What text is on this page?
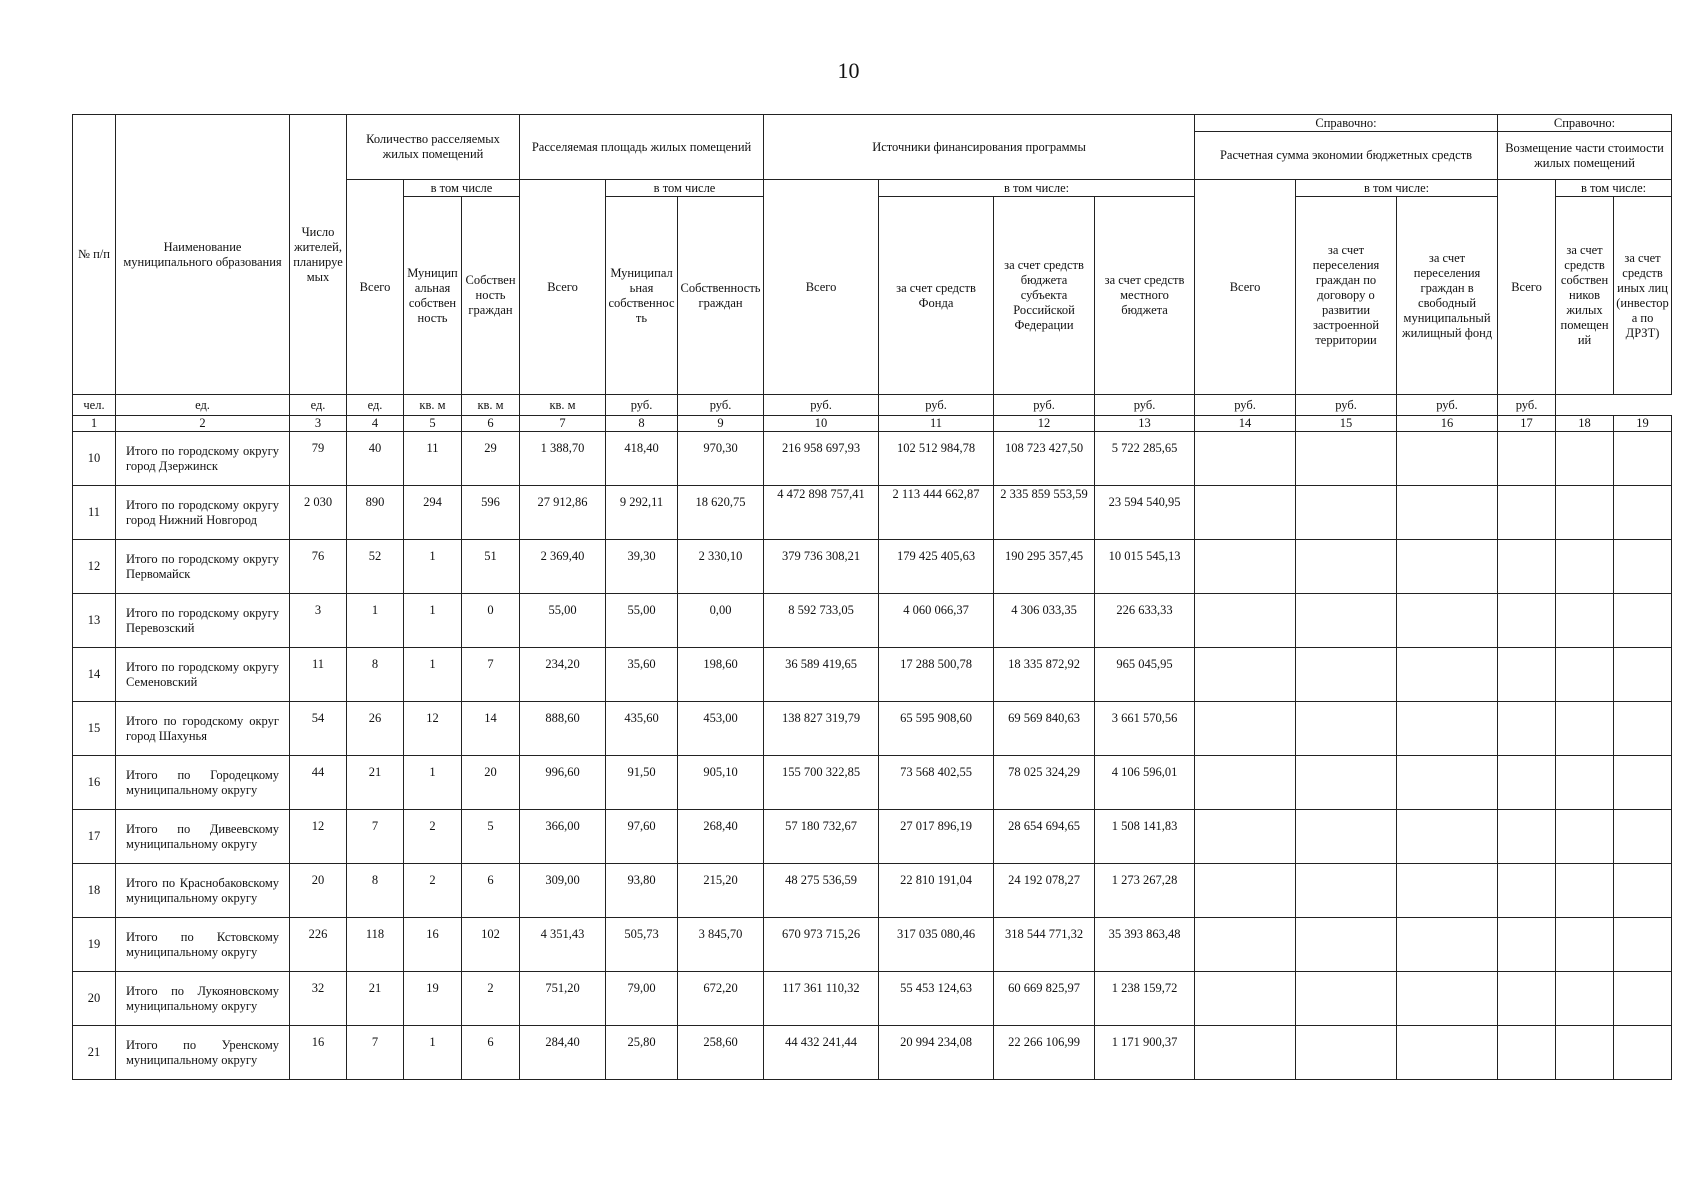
10
№ п/п	Наименование муниципального образования	Число жителей, планируемых	Количество расселяемых жилых помещений			Расселяемая площадь жилых помещений			Источники финансирования программы				Справочно:			Справочно:		
													Расчетная сумма экономии бюджетных средств			Возмещение части стоимости жилых помещений		

			Всего	в том числе		Всего	в том числе		Всего	в том числе:			Всего	в том числе:		Всего	в том числе:	
				Муниципальная собственность	Собственность граждан		Муниципальная собственность	Собственность граждан		за счет средств Фонда	за счет средств бюджета субъекта Российской Федерации	за счет средств местного бюджета		за счет переселения граждан по договору о развитии застроенной территории	за счет переселения граждан в свободный муниципальный жилищный фонд		за счет средств собственников жилых помещений	за счет средств иных лиц (инвестора по ДРЗТ)
чел.	ед.	ед.	ед.	кв. м	кв. м	кв. м	руб.	руб.	руб.	руб.	руб.	руб.	руб.	руб.	руб.	руб.		
1	2	3	4	5	6	7	8	9	10	11	12	13	14	15	16	17	18	19
10	Итого по городскому округу город Дзержинск	79	40	11	29	1 388,70	418,40	970,30	216 958 697,93	102 512 984,78	108 723 427,50	5 722 285,65						
11	Итого по городскому округу город Нижний Новгород	2 030	890	294	596	27 912,86	9 292,11	18 620,75	4 472 898 757,41	2 113 444 662,87	2 335 859 553,59	23 594 540,95						
12	Итого по городскому округу Первомайск	76	52	1	51	2 369,40	39,30	2 330,10	379 736 308,21	179 425 405,63	190 295 357,45	10 015 545,13						
13	Итого по городскому округу Перевозский	3	1	1	0	55,00	55,00	0,00	8 592 733,05	4 060 066,37	4 306 033,35	226 633,33						
14	Итого по городскому округу Семеновский	11	8	1	7	234,20	35,60	198,60	36 589 419,65	17 288 500,78	18 335 872,92	965 045,95						
15	Итого по городскому округ город Шахунья	54	26	12	14	888,60	435,60	453,00	138 827 319,79	65 595 908,60	69 569 840,63	3 661 570,56						
16	Итого по Городецкому муниципальному округу	44	21	1	20	996,60	91,50	905,10	155 700 322,85	73 568 402,55	78 025 324,29	4 106 596,01						
17	Итого по Дивеевскому муниципальному округу	12	7	2	5	366,00	97,60	268,40	57 180 732,67	27 017 896,19	28 654 694,65	1 508 141,83						
18	Итого по Краснобаковскому муниципальному округу	20	8	2	6	309,00	93,80	215,20	48 275 536,59	22 810 191,04	24 192 078,27	1 273 267,28						
19	Итого по Кстовскому муниципальному округу	226	118	16	102	4 351,43	505,73	3 845,70	670 973 715,26	317 035 080,46	318 544 771,32	35 393 863,48						
20	Итого по Лукояновскому муниципальному округу	32	21	19	2	751,20	79,00	672,20	117 361 110,32	55 453 124,63	60 669 825,97	1 238 159,72						
21	Итого по Уренскому муниципальному округу	16	7	1	6	284,40	25,80	258,60	44 432 241,44	20 994 234,08	22 266 106,99	1 171 900,37						
